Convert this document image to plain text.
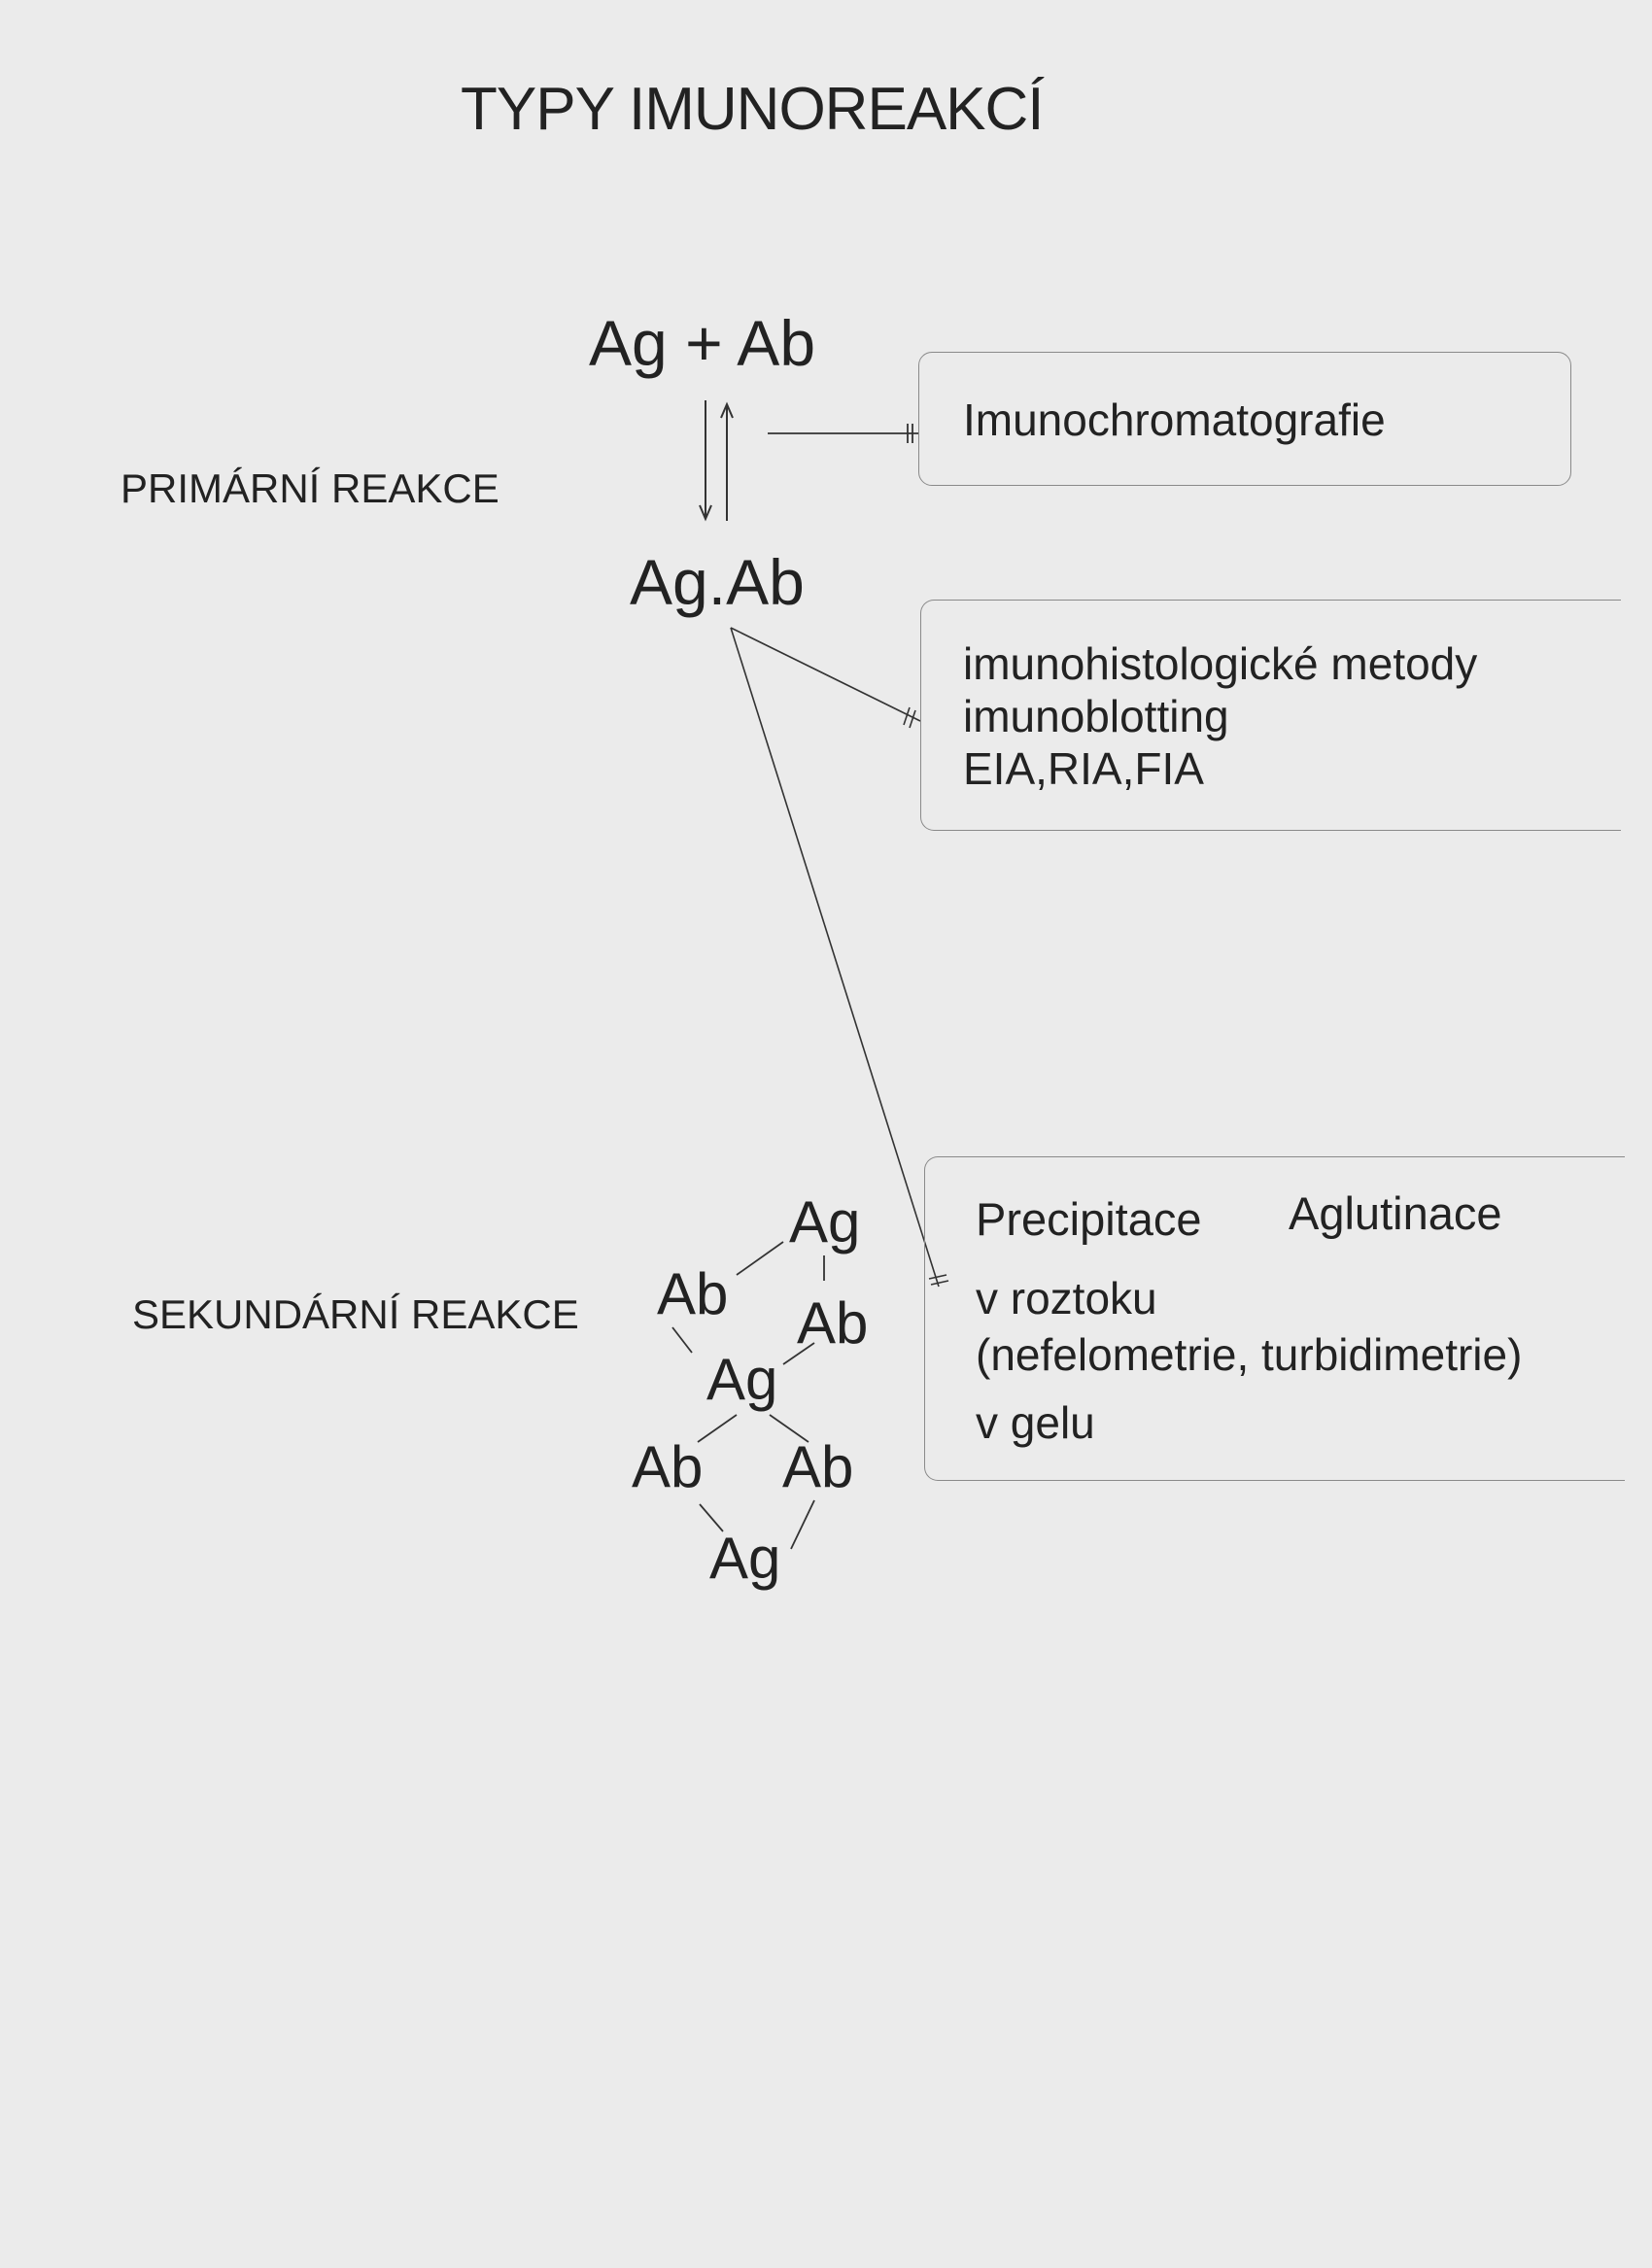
TYPY IMUNOREAKCÍ
PRIMÁRNÍ REAKCE
SEKUNDÁRNÍ REAKCE
Ag + Ab
Ag.Ab
Imunochromatografie
imunohistologické metody
imunoblotting
EIA,RIA,FIA
Precipitace Aglutinace
v roztoku
(nefelometrie, turbidimetrie)
v gelu
Ag
Ab Ab
Ag
Ab Ab
Ag
